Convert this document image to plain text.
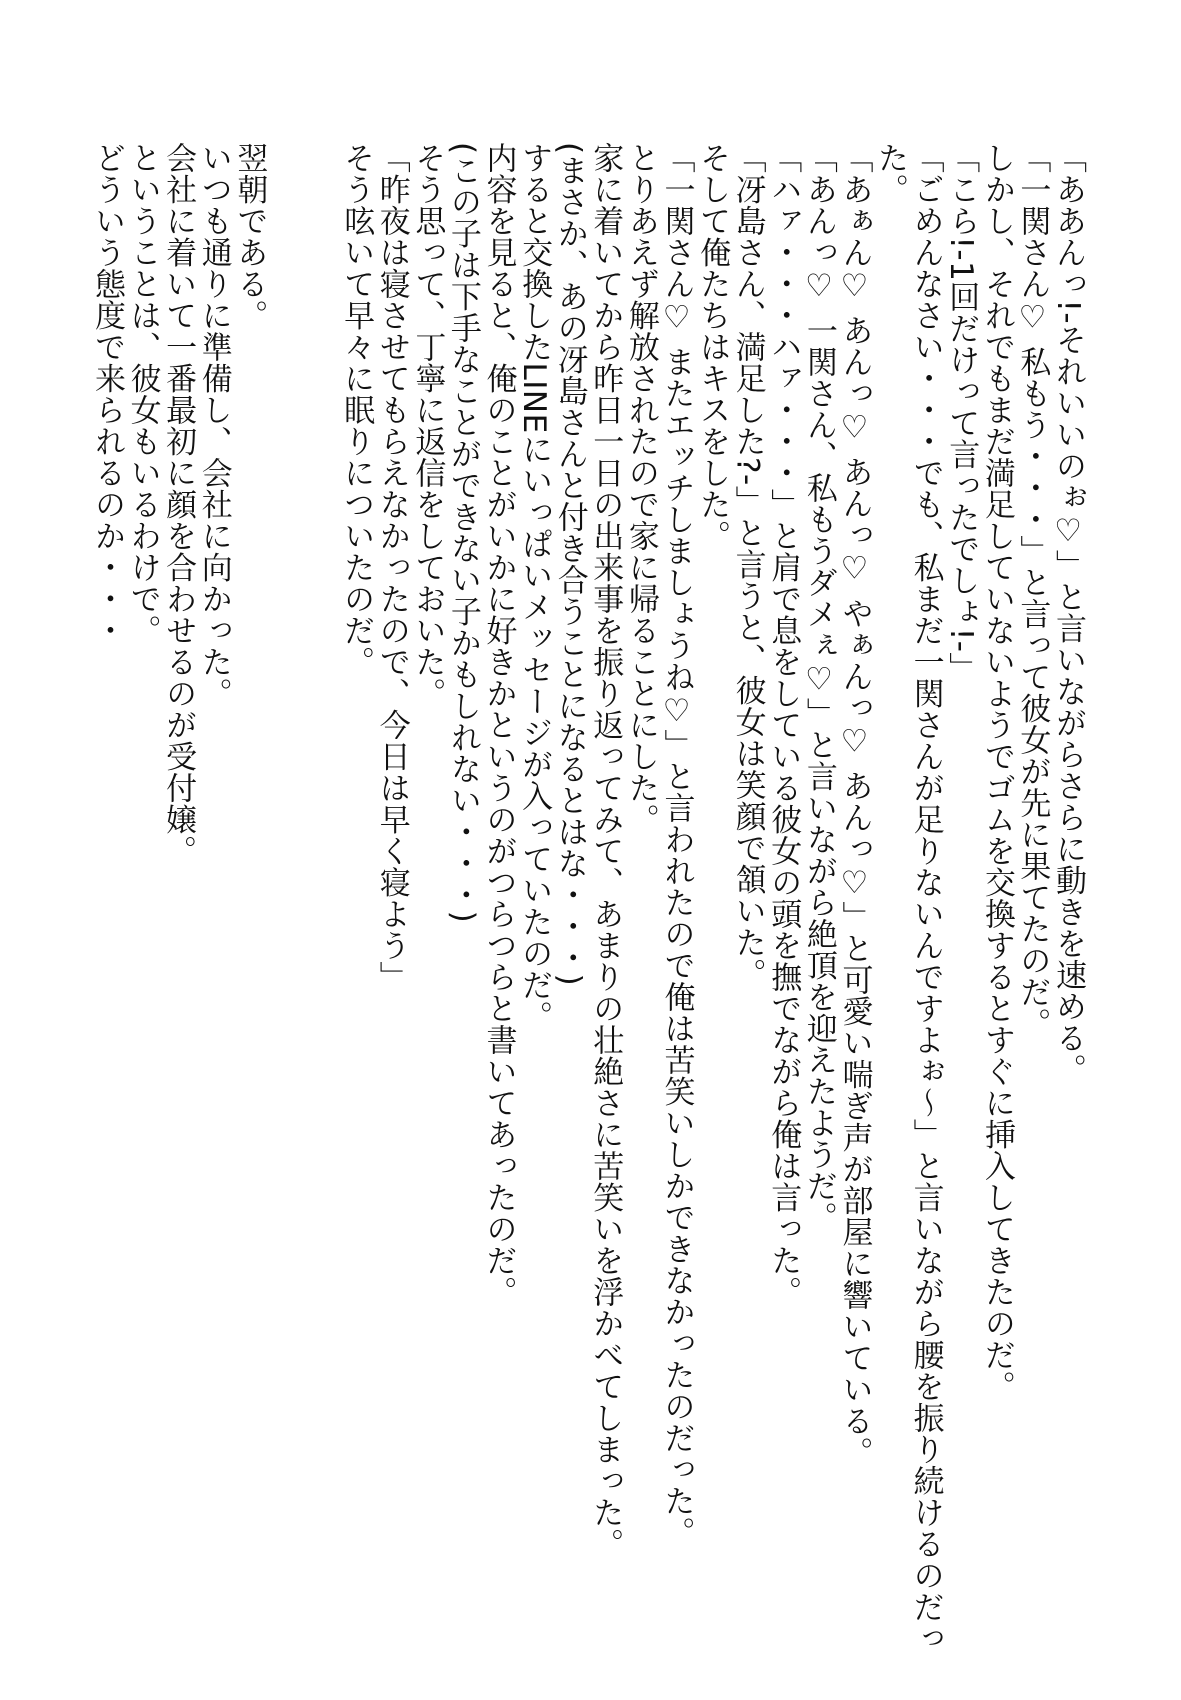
「ああんっ!-それいいのぉ♡」と言いながらさらに動きを速める。
「一関さん♡ 私もう・・・」と言って彼女が先に果てたのだ。
しかし、それでもまだ満足していないようでゴムを交換するとすぐに挿入してきたのだ。
「こら!-1回だけって言ったでしょ!-」
「ごめんなさい・・・でも、私まだ一関さんが足りないんですよぉ～」と言いながら腰を振り続けるのだっ
た。
「あぁん♡ あんっ♡ あんっ♡ やぁんっ♡ あんっ♡」と可愛い喘ぎ声が部屋に響いている。
「あんっ♡ 一関さん、私もうダメぇ♡」と言いながら絶頂を迎えたようだ。
「ハァ・・・ハァ・・・」と肩で息をしている彼女の頭を撫でながら俺は言った。
「冴島さん、満足した?-」と言うと、彼女は笑顔で頷いた。
そして俺たちはキスをした。
「一関さん♡ またエッチしましょうね♡」と言われたので俺は苦笑いしかできなかったのだった。
とりあえず解放されたので家に帰ることにした。
家に着いてから昨日一日の出来事を振り返ってみて、あまりの壮絶さに苦笑いを浮かべてしまった。
(まさか、あの冴島さんと付き合うことになるとはな・・・)
すると交換したLINEにいっぱいメッセージが入っていたのだ。
内容を見ると、俺のことがいかに好きかというのがつらつらと書いてあったのだ。
(この子は下手なことができない子かもしれない・・・)
そう思って、丁寧に返信をしておいた。
「昨夜は寝させてもらえなかったので、今日は早く寝よう」
そう呟いて早々に眠りについたのだ。
翌朝である。
いつも通りに準備し、会社に向かった。
会社に着いて一番最初に顔を合わせるのが受付嬢。
ということは、彼女もいるわけで。
どういう態度で来られるのか・・・
